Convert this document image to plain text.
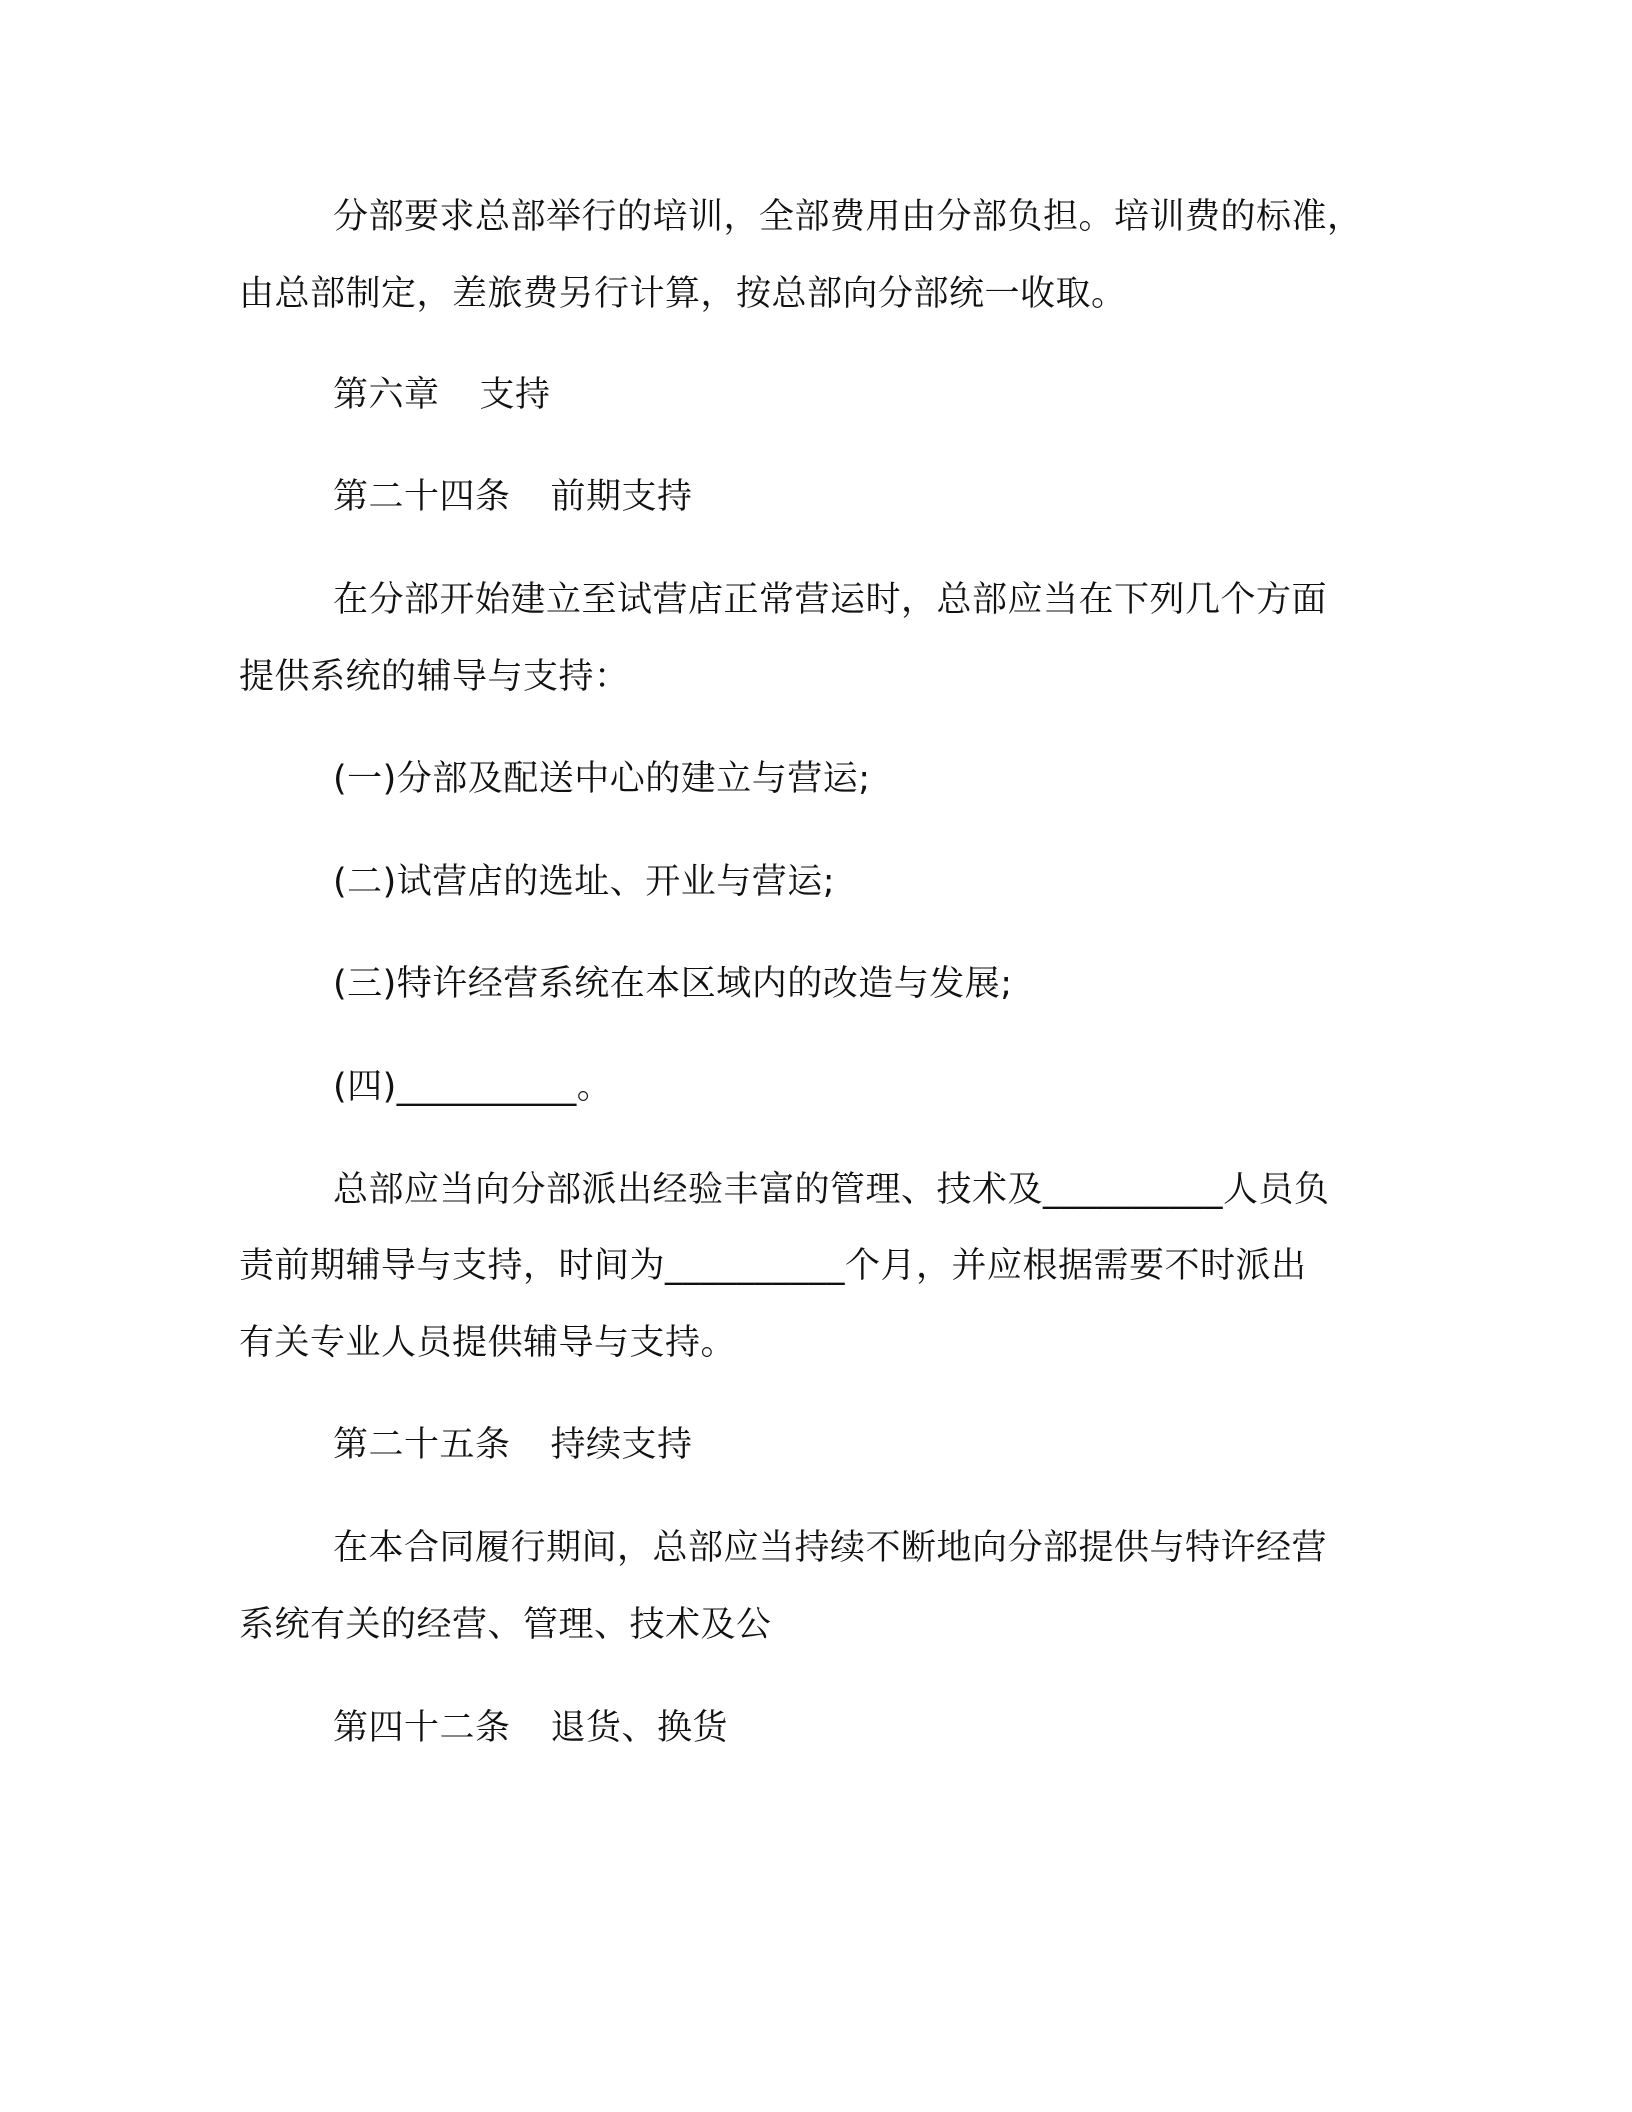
分部要求总部举行的培训，全部费用由分部负担。培训费的标准，
由总部制定，差旅费另行计算，按总部向分部统一收取。
第六章 支持
第二十四条 前期支持
在分部开始建立至试营店正常营运时，总部应当在下列几个方面
提供系统的辅导与支持：
(一)分部及配送中心的建立与营运;
(二)试营店的选址、开业与营运;
(三)特许经营系统在本区域内的改造与发展;
(四)__________。
总部应当向分部派出经验丰富的管理、技术及__________人员负
责前期辅导与支持，时间为__________个月，并应根据需要不时派出
有关专业人员提供辅导与支持。
第二十五条 持续支持
在本合同履行期间，总部应当持续不断地向分部提供与特许经营
系统有关的经营、管理、技术及公
第四十二条 退货、换货
